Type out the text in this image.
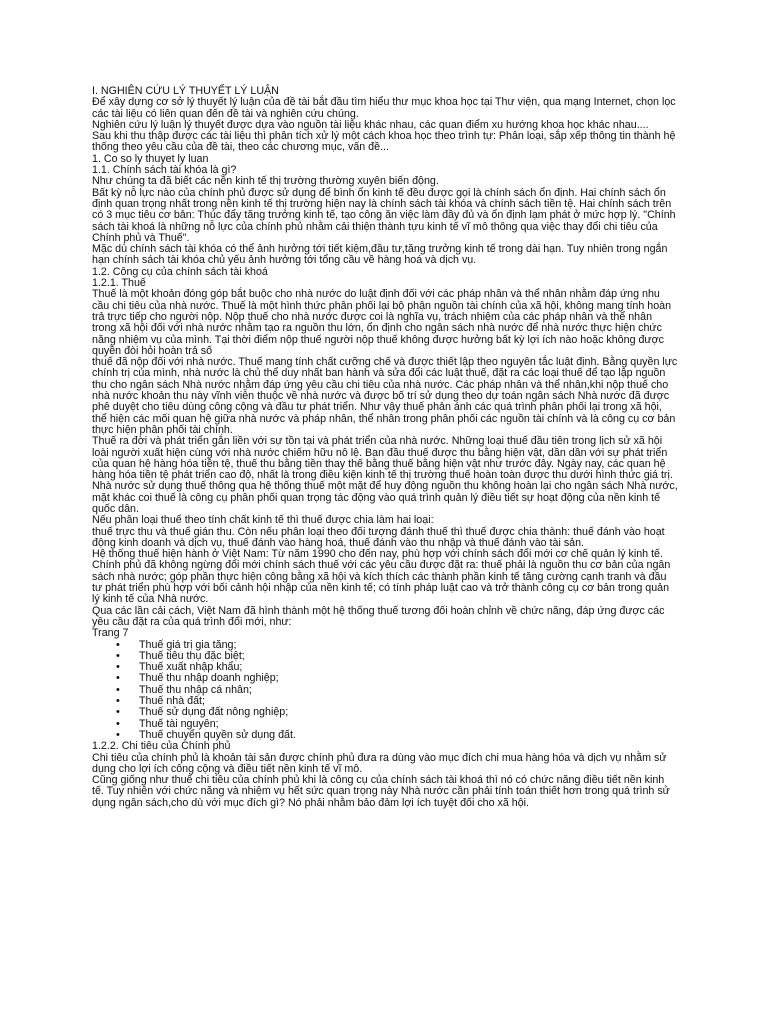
I. NGHIÊN CỨU LÝ THUYẾT LÝ LUẬN

Để xây dựng cơ sở lý thuyết lý luận của đề tài bắt đầu tìm hiểu thư mục khoa học tại Thư viện, qua mạng Internet, chọn lọc các tài liệu có liên quan đến đề tài và nghiên cứu chúng.

Nghiên cứu lý luận lý thuyết được dựa vào nguồn tài liệu khác nhau, các quan điểm xu hướng khoa học khác nhau....

Sau khi thu thập được các tài liệu thì phân tích xử lý một cách khoa học theo trình tự: Phân loại, sắp xếp thông tin thành hệ thống theo yêu cầu của đề tài, theo các chương mục, vấn đề...

1. Co so ly thuyet ly luan

1.1. Chính sách tài khóa là gì?

Như chúng ta đã biết các nền kinh tế thị trường thường xuyên biến động.

Bất kỳ nỗ lực nào của chính phủ được sử dụng để bình ổn kinh tế đều được gọi là chính sách ổn định. Hai chính sách ổn định quan trọng nhất trong nền kinh tế thị trường hiện nay là chính sách tài khóa và chính sách tiền tệ. Hai chính sách trên có 3 mục tiêu cơ bản: Thúc đẩy tăng trưởng kinh tế, tạo công ăn việc làm đầy đủ và ổn định lạm phát ở mức hợp lý. "Chính sách tài khoá là những nỗ lực của chính phủ nhằm cải thiện thành tựu kinh tế vĩ mô thông qua việc thay đổi chi tiêu của Chính phủ và Thuế".

Mặc dù chính sách tài khóa có thể ảnh hưởng tới tiết kiệm,đầu tư,tăng trưởng kinh tế trong dài hạn. Tuy nhiên trong ngắn hạn chính sách tài khóa chủ yếu ảnh hưởng tới tổng cầu về hàng hoá và dịch vụ.

1.2. Công cụ của chính sách tài khoá

1.2.1. Thuế

Thuế là một khoản đóng góp bắt buộc cho nhà nước do luật định đối với các pháp nhân và thể nhân nhằm đáp ứng nhu cầu chi tiêu của nhà nước. Thuế là một hình thức phân phối lại bộ phận nguồn tài chính của xã hội, không mang tính hoàn trả trực tiếp cho người nộp. Nộp thuế cho nhà nước được coi là nghĩa vụ, trách nhiệm của các pháp nhân và thể nhân trong xã hội đối với nhà nước nhằm tạo ra nguồn thu lớn, ổn định cho ngân sách nhà nước để nhà nước thực hiện chức năng nhiệm vụ của mình. Tại thời điểm nộp thuế người nộp thuế không được hưởng bất kỳ lợi ích nào hoặc không được quyền đòi hỏi hoàn trả số

thuế đã nộp đối với nhà nước. Thuế mang tính chất cưỡng chế và được thiết lập theo nguyên tắc luật định. Bằng quyền lực chính trị của mình, nhà nước là chủ thể duy nhất ban hành và sửa đổi các luật thuế, đặt ra các loại thuế để tạo lập nguồn thu cho ngân sách Nhà nước nhằm đáp ứng yêu cầu chi tiêu của nhà nước. Các pháp nhân và thể nhân,khi nộp thuế cho nhà nước khoản thu này vĩnh viễn thuộc về nhà nước và được bố trí sử dụng theo dự toán ngân sách Nhà nước đã được phê duyệt cho tiêu dùng công cộng và đầu tư phát triển. Như vậy thuế phản ánh các quá trình phân phối lại trong xã hội, thể hiện các mối quan hệ giữa nhà nước và pháp nhân, thể nhân trong phân phối các nguồn tài chính và là công cụ cơ bản thực hiện phân phối tài chính.

Thuế ra đời và phát triển gắn liền với sự tồn tại và phát triển của nhà nước. Những loại thuế đầu tiên trong lịch sử xã hội loài người xuất hiện cùng với nhà nước chiếm hữu nô lệ. Ban đầu thuế được thu bằng hiện vật, dần dần với sự phát triển của quan hệ hàng hóa tiền tệ, thuế thu bằng tiền thay thế bằng thuế bằng hiện vật như trước đây. Ngày nay, các quan hệ hàng hóa tiền tệ phát triển cao độ, nhất là trong điều kiện kinh tế thị trường thuế hoàn toàn được thu dưới hình thức giá trị. Nhà nước sử dụng thuế thông qua hệ thống thuế một mặt để huy động nguồn thu không hoàn lại cho ngân sách Nhà nước, mặt khác coi thuế là công cụ phân phối quan trọng tác động vào quá trình quản lý điều tiết sự hoạt động của nền kinh tế quốc dân.

Nếu phân loại thuế theo tính chất kinh tế thì thuế được chia làm hai loại:

thuế trực thu và thuế gián thu. Còn nếu phân loại theo đối tượng đánh thuế thì thuế được chia thành: thuế đánh vào hoạt động kinh doanh và dịch vụ, thuế đánh vào hàng hoá, thuế đánh vào thu nhập và thuế đánh vào tài sản.

Hệ thống thuế hiện hành ở Việt Nam: Từ năm 1990 cho đến nay, phù hợp với chính sách đổi mới cơ chế quản lý kinh tế. Chính phủ đã không ngừng đổi mới chính sách thuế với các yêu cầu được đặt ra: thuế phải là nguồn thu cơ bản của ngân sách nhà nước; góp phần thực hiện công bằng xã hội và kích thích các thành phần kinh tế tăng cường cạnh tranh và đầu tư phát triển phù hợp với bối cảnh hội nhập của nền kinh tế; có tính pháp luật cao và trở thành công cụ cơ bản trong quản lý kinh tế của Nhà nước.

Qua các lần cải cách, Việt Nam đã hình thành một hệ thống thuế tương đối hoàn chỉnh về chức năng, đáp ứng được các yêu cầu đặt ra của quá trình đổi mới, như:

Trang 7

• Thuế giá trị gia tăng;
• Thuế tiêu thụ đặc biệt;
• Thuế xuất nhập khẩu;
• Thuế thu nhập doanh nghiệp;
• Thuế thu nhập cá nhân;
• Thuế nhà đất;
• Thuế sử dụng đất nông nghiệp;
• Thuế tài nguyên;
• Thuế chuyển quyền sử dụng đất.

1.2.2. Chi tiêu của Chính phủ

Chi tiêu của chính phủ là khoản tài sản được chính phủ đưa ra dùng vào mục đích chi mua hàng hóa và dịch vụ nhằm sử dụng cho lợi ích công cộng và điều tiết nền kinh tế vĩ mô.

Cũng giống như thuế chi tiêu của chính phủ khi là công cụ của chính sách tài khoá thì nó có chức năng điều tiết nền kinh tế. Tuy nhiên với chức năng và nhiệm vụ hết sức quan trọng này Nhà nước cần phải tính toán thiết hơn trong quá trình sử dụng ngân sách,cho dù với mục đích gì? Nó phải nhằm bảo đảm lợi ích tuyệt đối cho xã hội.
